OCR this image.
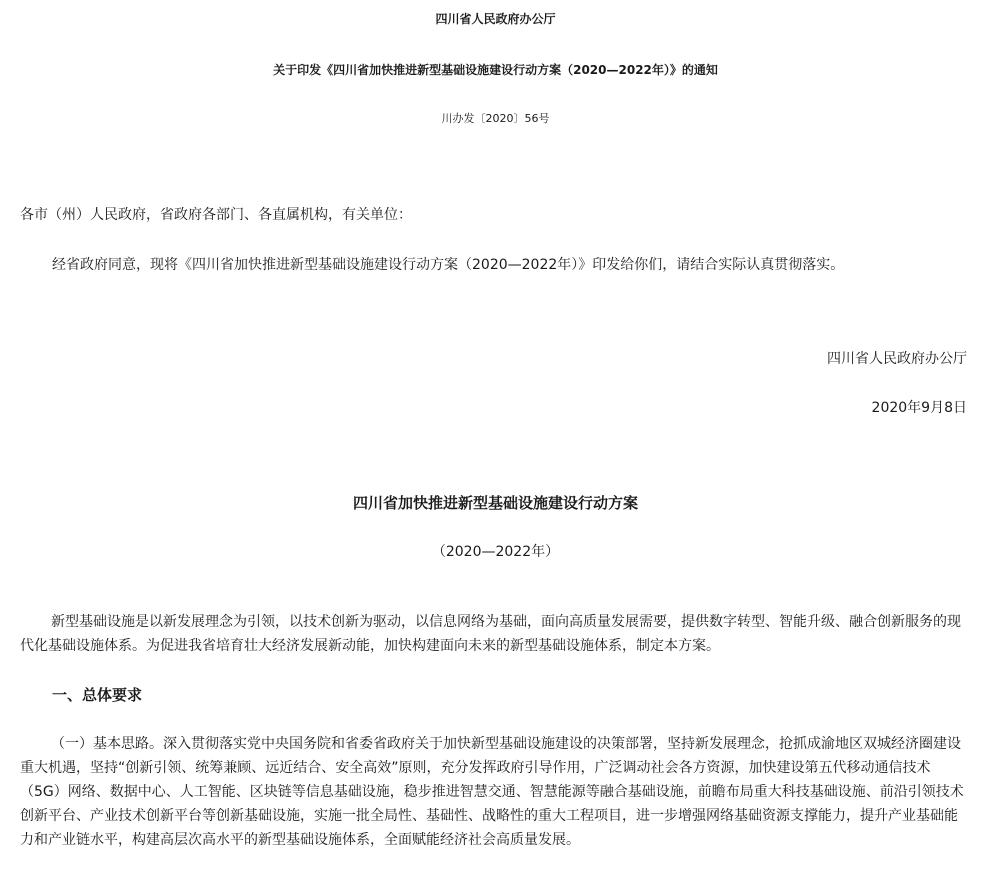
四川省人民政府办公厅
关于印发《四川省加快推进新型基础设施建设行动方案（2020—2022年）》的通知
川办发〔2020〕56号
各市（州）人民政府，省政府各部门、各直属机构，有关单位：
经省政府同意，现将《四川省加快推进新型基础设施建设行动方案（2020—2022年）》印发给你们，请结合实际认真贯彻落实。
四川省人民政府办公厅
2020年9月8日
四川省加快推进新型基础设施建设行动方案
（2020—2022年）

新型基础设施是以新发展理念为引领，以技术创新为驱动，以信息网络为基础，面向高质量发展需要，提供数字转型、智能升级、融合创新服务的现代化基础设施体系。为促进我省培育壮大经济发展新动能，加快构建面向未来的新型基础设施体系，制定本方案。

一、总体要求

（一）基本思路。深入贯彻落实党中央国务院和省委省政府关于加快新型基础设施建设的决策部署，坚持新发展理念，抢抓成渝地区双城经济圈建设重大机遇，坚持“创新引领、统筹兼顾、远近结合、安全高效”原则，充分发挥政府引导作用，广泛调动社会各方资源，加快建设第五代移动通信技术（5G）网络、数据中心、人工智能、区块链等信息基础设施，稳步推进智慧交通、智慧能源等融合基础设施，前瞻布局重大科技基础设施、前沿引领技术创新平台、产业技术创新平台等创新基础设施，实施一批全局性、基础性、战略性的重大工程项目，进一步增强网络基础资源支撑能力，提升产业基础能力和产业链水平，构建高层次高水平的新型基础设施体系，全面赋能经济社会高质量发展。
